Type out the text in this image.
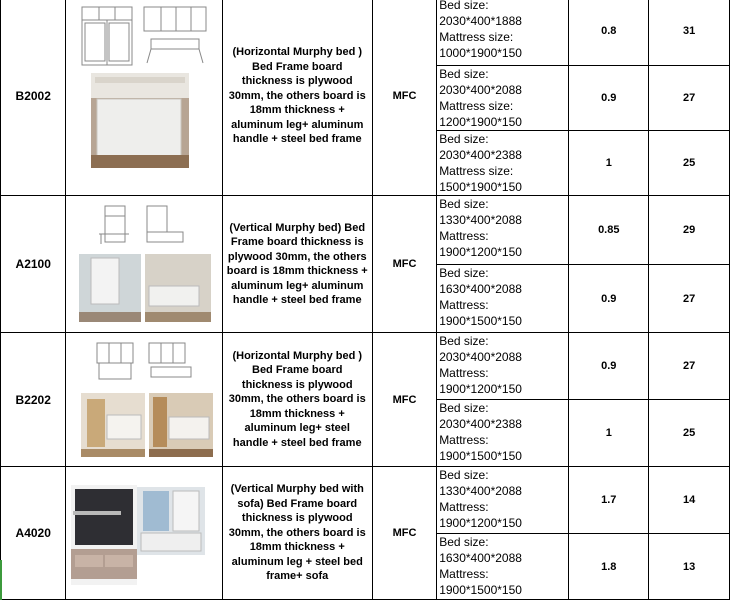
B2002		(Horizontal Murphy bed ) Bed Frame board thickness is plywood 30mm, the others board is 18mm thickness + aluminum leg+ aluminum handle + steel bed frame	MFC	Bed size:
2030*400*1888
Mattress size:
1000*1900*150	0.8	31

				Bed size:
2030*400*2088
Mattress size:
1200*1900*150	0.9	27

				Bed size:
2030*400*2388
Mattress size:
1500*1900*150	1	25
A2100		(Vertical Murphy bed) Bed Frame board thickness is plywood 30mm, the others board is 18mm thickness + aluminum leg+ aluminum handle + steel bed frame	MFC	Bed size:
1330*400*2088
Mattress:
1900*1200*150	0.85	29

				Bed size:
1630*400*2088
Mattress:
1900*1500*150	0.9	27
B2202		(Horizontal Murphy bed ) Bed Frame board thickness is plywood 30mm, the others board is 18mm thickness + aluminum leg+ steel handle + steel bed frame	MFC	Bed size:
2030*400*2088
Mattress:
1900*1200*150	0.9	27

				Bed size:
2030*400*2388
Mattress:
1900*1500*150	1	25
A4020		(Vertical Murphy bed with sofa) Bed Frame board thickness is plywood 30mm, the others board is 18mm thickness + aluminum leg + steel bed frame+ sofa	MFC	Bed size:
1330*400*2088
Mattress:
1900*1200*150	1.7	14

				Bed size:
1630*400*2088
Mattress:
1900*1500*150	1.8	13
